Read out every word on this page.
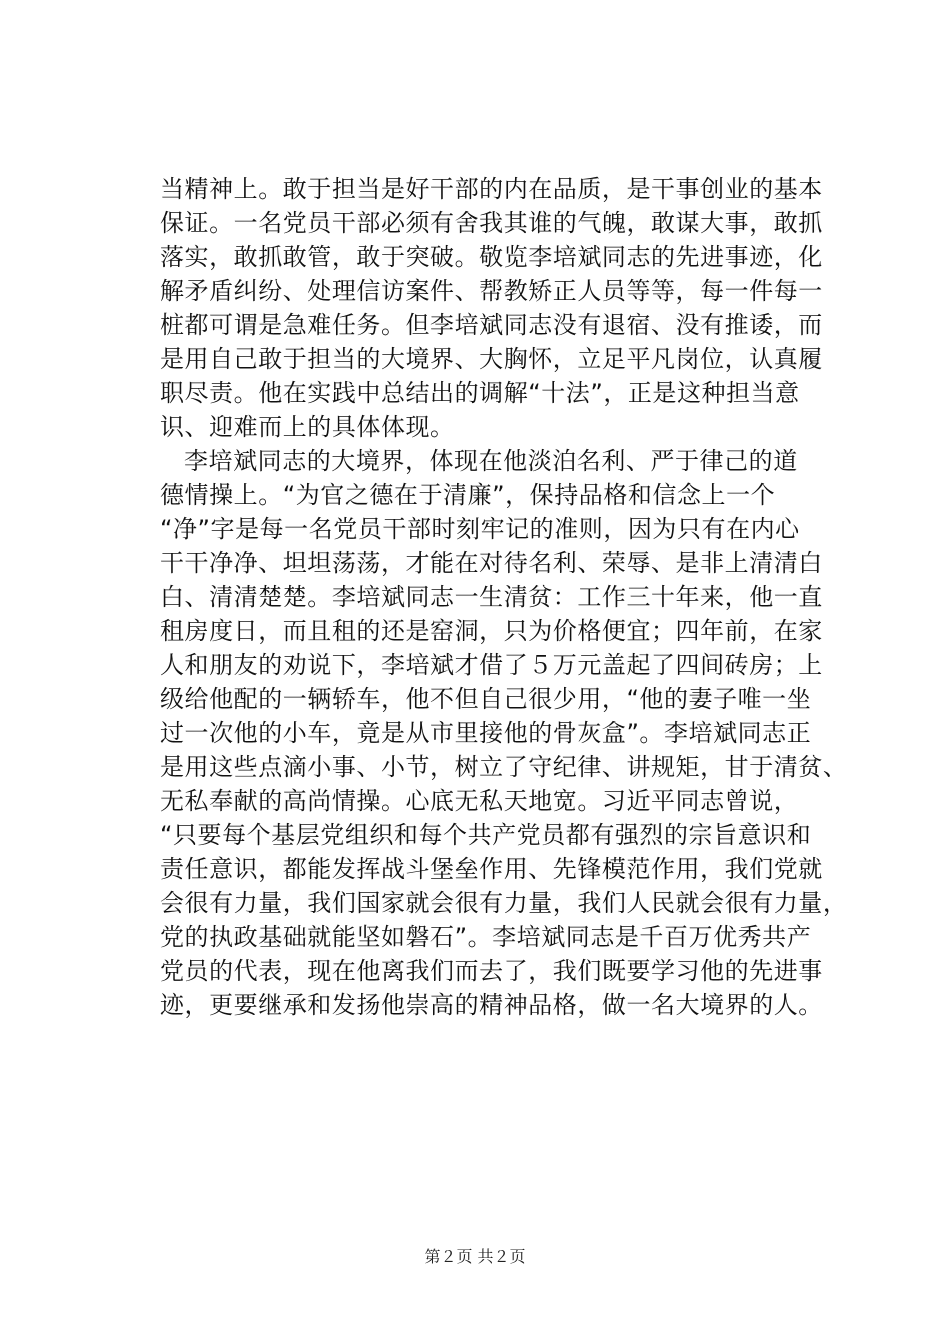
当精神上。敢于担当是好干部的内在品质，是干事创业的基本
保证。一名党员干部必须有舍我其谁的气魄，敢谋大事，敢抓
落实，敢抓敢管，敢于突破。敬览李培斌同志的先进事迹，化
解矛盾纠纷、处理信访案件、帮教矫正人员等等，每一件每一
桩都可谓是急难任务。但李培斌同志没有退宿、没有推诿，而
是用自己敢于担当的大境界、大胸怀，立足平凡岗位，认真履
职尽责。他在实践中总结出的调解“十法”，正是这种担当意
识、迎难而上的具体体现。
李培斌同志的大境界，体现在他淡泊名利、严于律己的道
德情操上。“为官之德在于清廉”，保持品格和信念上一个
“净”字是每一名党员干部时刻牢记的准则，因为只有在内心
干干净净、坦坦荡荡，才能在对待名利、荣辱、是非上清清白
白、清清楚楚。李培斌同志一生清贫：工作三十年来，他一直
租房度日，而且租的还是窑洞，只为价格便宜；四年前，在家
人和朋友的劝说下，李培斌才借了５万元盖起了四间砖房；上
级给他配的一辆轿车，他不但自己很少用，“他的妻子唯一坐
过一次他的小车，竟是从市里接他的骨灰盒”。李培斌同志正
是用这些点滴小事、小节，树立了守纪律、讲规矩，甘于清贫、
无私奉献的高尚情操。心底无私天地宽。习近平同志曾说，
“只要每个基层党组织和每个共产党员都有强烈的宗旨意识和
责任意识，都能发挥战斗堡垒作用、先锋模范作用，我们党就
会很有力量，我们国家就会很有力量，我们人民就会很有力量，
党的执政基础就能坚如磐石”。李培斌同志是千百万优秀共产
党员的代表，现在他离我们而去了，我们既要学习他的先进事
迹，更要继承和发扬他崇高的精神品格，做一名大境界的人。
第２页 共２页
